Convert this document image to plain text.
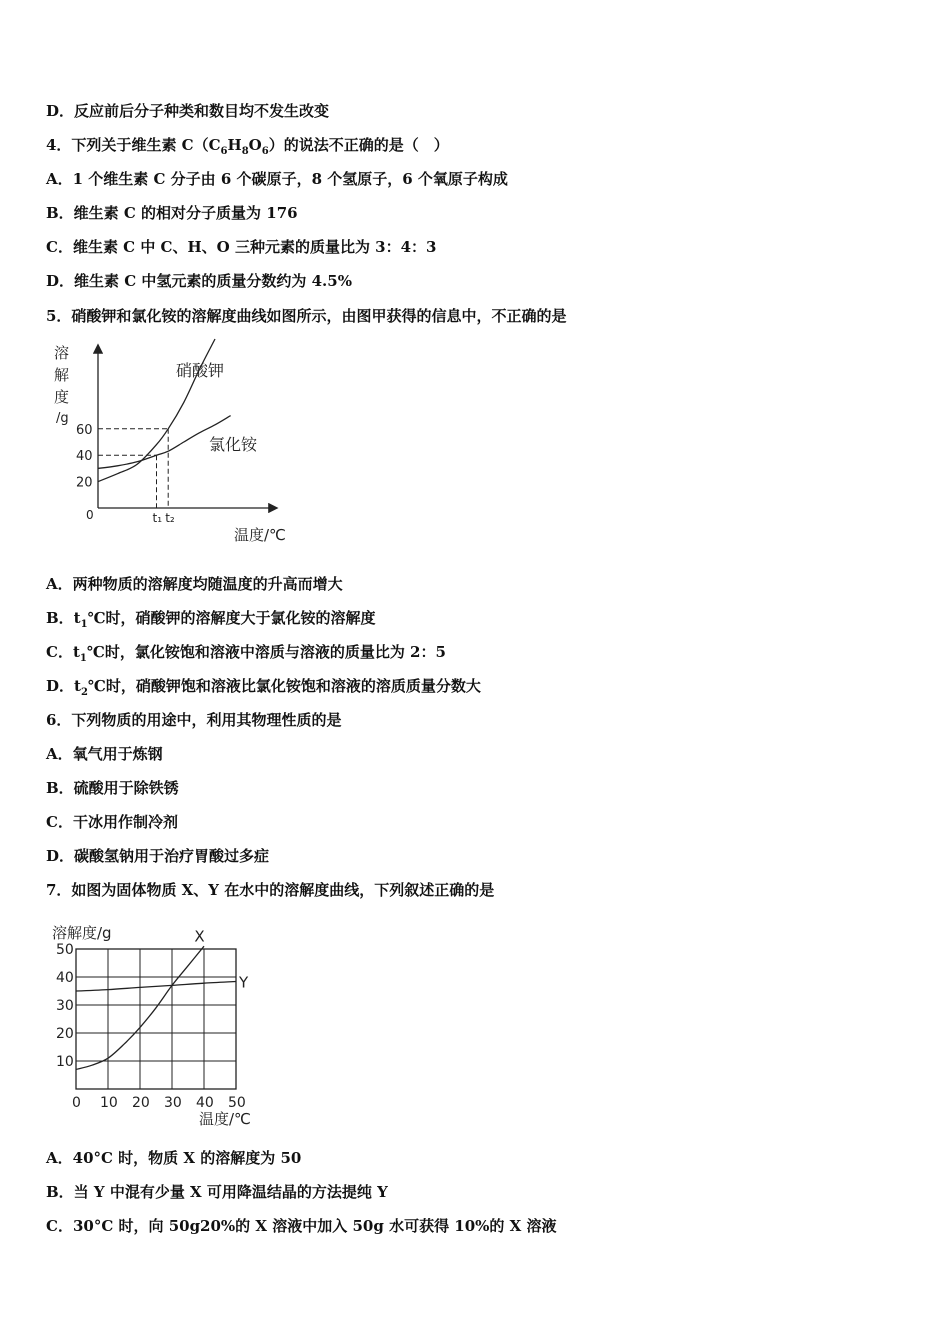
D．反应前后分子种类和数目均不发生改变
4．下列关于维生素 $C(C_6H_8O_6)$的说法不正确的是（　）
A．1 个维生素 C 分子由 6 个碳原子，8 个氢原子，6 个氧原子构成
B．维生素 C 的相对分子质量为 176
C．维生素 C 中 C、H、O 三种元素的质量比为 3：4：3
D．维生素 C 中氢元素的质量分数约为 4.5%
5．硝酸钾和氯化铵的溶解度曲线如图所示，由图甲获得的信息中，不正确的是
溶
解
度
/g
0
20
40
60
t₁ t₂
硝酸钾
氯化铵
温度/℃
A．两种物质的溶解度均随温度的升高而增大
B．$t_1℃$时，硝酸钾的溶解度大于氯化铵的溶解度
C．$t_1℃$时，氯化铵饱和溶液中溶质与溶液的质量比为 2：5
D．$t_2℃$时，硝酸钾饱和溶液比氯化铵饱和溶液的溶质质量分数大
6．下列物质的用途中，利用其物理性质的是
A．氧气用于炼钢
B．硫酸用于除铁锈
C．干冰用作制冷剂
D．碳酸氢钠用于治疗胃酸过多症
7．如图为固体物质 X、Y 在水中的溶解度曲线，下列叙述正确的是
溶解度/g
10
20
30
40
50
0 10 20 30 40 50
X
Y
温度/℃
A．40°C 时，物质 X 的溶解度为 50
B．当 Y 中混有少量 X 可用降温结晶的方法提纯 Y
C．30°C 时，向 50g20%的 X 溶液中加入 50g 水可获得 10%的 X 溶液
